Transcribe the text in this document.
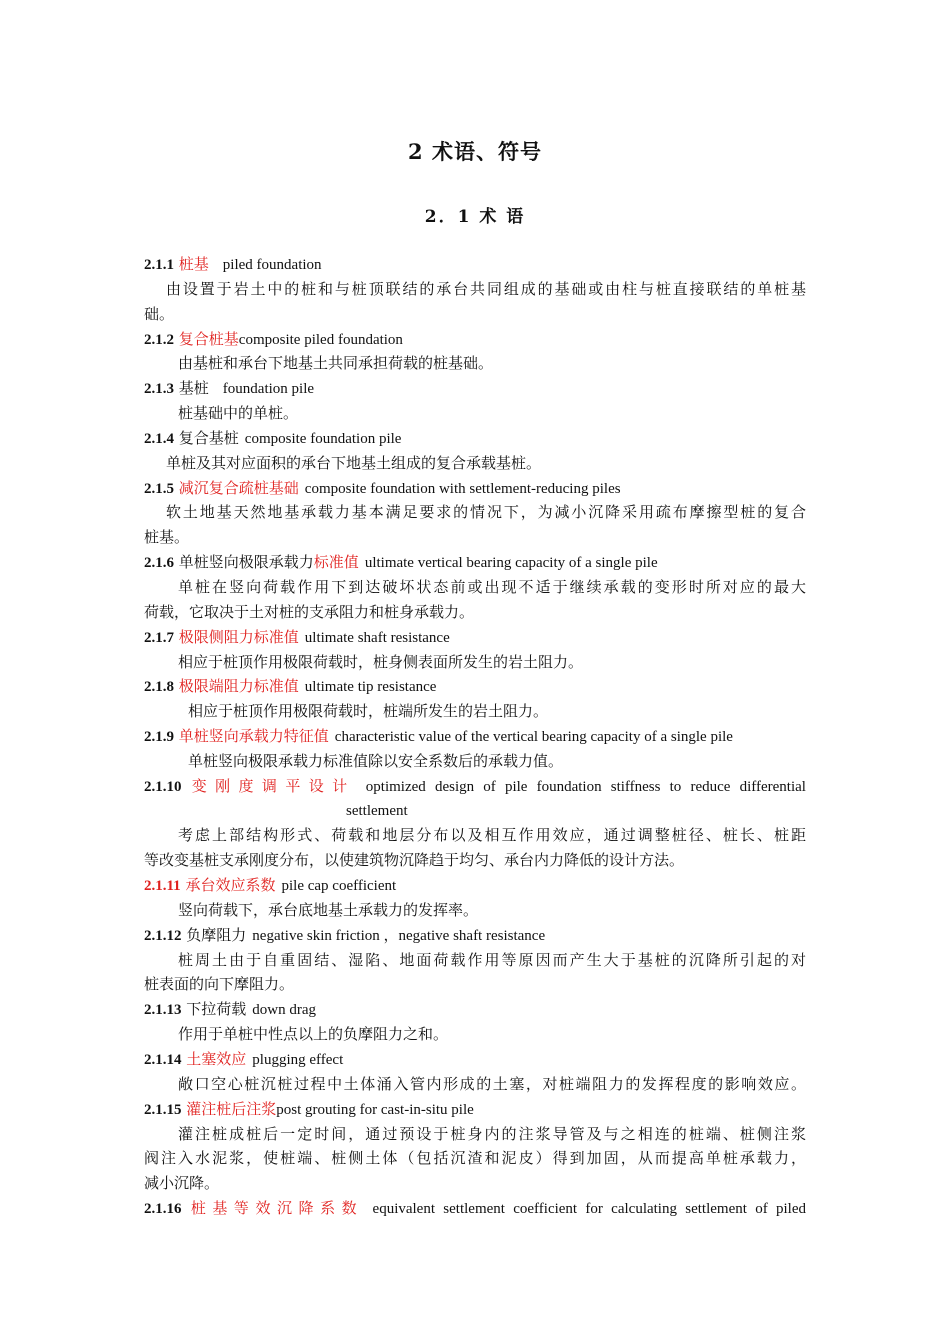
2 术语、符号
2．1 术 语
2.1.1 桩基 piled foundation
由设置于岩土中的桩和与桩顶联结的承台共同组成的基础或由柱与桩直接联结的单桩基
础。
2.1.2 复合桩基composite piled foundation
由基桩和承台下地基土共同承担荷载的桩基础。
2.1.3 基桩 foundation pile
桩基础中的单桩。
2.1.4 复合基桩 composite foundation pile
单桩及其对应面积的承台下地基土组成的复合承载基桩。
2.1.5 减沉复合疏桩基础 composite foundation with settlement-reducing piles
软土地基天然地基承载力基本满足要求的情况下，为减小沉降采用疏布摩擦型桩的复合
桩基。
2.1.6 单桩竖向极限承载力标准值 ultimate vertical bearing capacity of a single pile
单桩在竖向荷载作用下到达破坏状态前或出现不适于继续承载的变形时所对应的最大
荷载，它取决于土对桩的支承阻力和桩身承载力。
2.1.7 极限侧阻力标准值 ultimate shaft resistance
相应于桩顶作用极限荷载时，桩身侧表面所发生的岩土阻力。
2.1.8 极限端阻力标准值 ultimate tip resistance
相应于桩顶作用极限荷载时，桩端所发生的岩土阻力。
2.1.9 单桩竖向承载力特征值 characteristic value of the vertical bearing capacity of a single pile
单桩竖向极限承载力标准值除以安全系数后的承载力值。
2.1.10 变刚度调平设计 optimized design of pile foundation stiffness to reduce differential
settlement
考虑上部结构形式、荷载和地层分布以及相互作用效应，通过调整桩径、桩长、桩距
等改变基桩支承刚度分布，以使建筑物沉降趋于均匀、承台内力降低的设计方法。
2.1.11 承台效应系数 pile cap coefficient
竖向荷载下，承台底地基土承载力的发挥率。
2.1.12 负摩阻力 negative skin friction ，negative shaft resistance
桩周土由于自重固结、湿陷、地面荷载作用等原因而产生大于基桩的沉降所引起的对
桩表面的向下摩阻力。
2.1.13 下拉荷载 down drag
作用于单桩中性点以上的负摩阻力之和。
2.1.14 土塞效应 plugging effect
敞口空心桩沉桩过程中土体涌入管内形成的土塞，对桩端阻力的发挥程度的影响效应。
2.1.15 灌注桩后注浆post grouting for cast-in-situ pile
灌注桩成桩后一定时间，通过预设于桩身内的注浆导管及与之相连的桩端、桩侧注浆
阀注入水泥浆，使桩端、桩侧土体（包括沉渣和泥皮）得到加固，从而提高单桩承载力，
减小沉降。
2.1.16 桩基等效沉降系数 equivalent settlement coefficient for calculating settlement of piled
